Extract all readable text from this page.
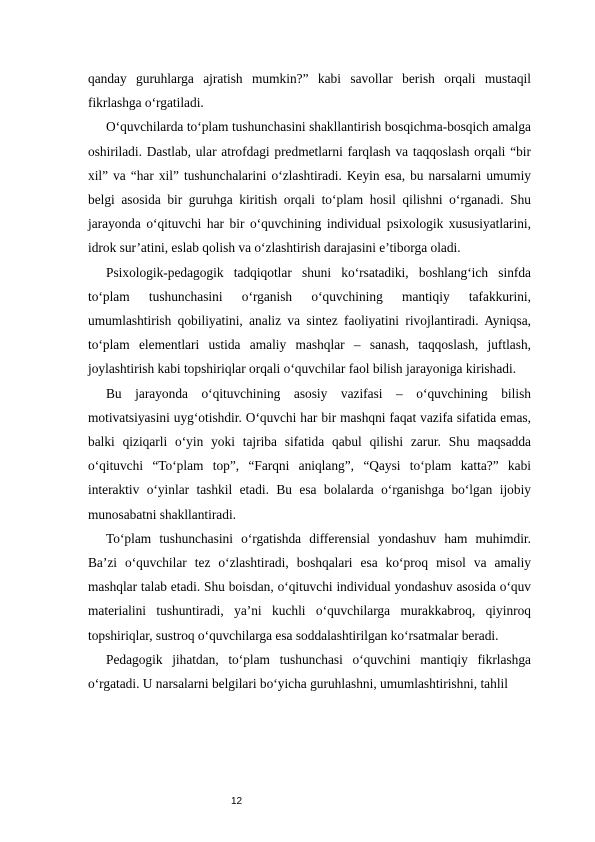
qanday guruhlarga ajratish mumkin?” kabi savollar berish orqali mustaqil fikrlashga o‘rgatiladi.

O‘quvchilarda to‘plam tushunchasini shakllantirish bosqichma-bosqich amalga oshiriladi. Dastlab, ular atrofdagi predmetlarni farqlash va taqqoslash orqali “bir xil” va “har xil” tushunchalarini o‘zlashtiradi. Keyin esa, bu narsalarni umumiy belgi asosida bir guruhga kiritish orqali to‘plam hosil qilishni o‘rganadi. Shu jarayonda o‘qituvchi har bir o‘quvchining individual psixologik xususiyatlarini, idrok sur’atini, eslab qolish va o‘zlashtirish darajasini e’tiborga oladi.

Psixologik-pedagogik tadqiqotlar shuni ko‘rsatadiki, boshlang‘ich sinfda to‘plam tushunchasini o‘rganish o‘quvchining mantiqiy tafakkurini, umumlashtirish qobiliyatini, analiz va sintez faoliyatini rivojlantiradi. Ayniqsa, to‘plam elementlari ustida amaliy mashqlar – sanash, taqqoslash, juftlash, joylashtirish kabi topshiriqlar orqali o‘quvchilar faol bilish jarayoniga kirishadi.

Bu jarayonda o‘qituvchining asosiy vazifasi – o‘quvchining bilish motivatsiyasini uyg‘otishdir. O‘quvchi har bir mashqni faqat vazifa sifatida emas, balki qiziqarli o‘yin yoki tajriba sifatida qabul qilishi zarur. Shu maqsadda o‘qituvchi “To‘plam top”, “Farqni aniqlang”, “Qaysi to‘plam katta?” kabi interaktiv o‘yinlar tashkil etadi. Bu esa bolalarda o‘rganishga bo‘lgan ijobiy munosabatni shakllantiradi.

To‘plam tushunchasini o‘rgatishda differensial yondashuv ham muhimdir. Ba’zi o‘quvchilar tez o‘zlashtiradi, boshqalari esa ko‘proq misol va amaliy mashqlar talab etadi. Shu boisdan, o‘qituvchi individual yondashuv asosida o‘quv materialini tushuntiradi, ya’ni kuchli o‘quvchilarga murakkabroq, qiyinroq topshiriqlar, sustroq o‘quvchilarga esa soddalashtirilgan ko‘rsatmalar beradi.

Pedagogik jihatdan, to‘plam tushunchasi o‘quvchini mantiqiy fikrlashga o‘rgatadi. U narsalarni belgilari bo‘yicha guruhlashni, umumlashtirishni, tahlil

12
